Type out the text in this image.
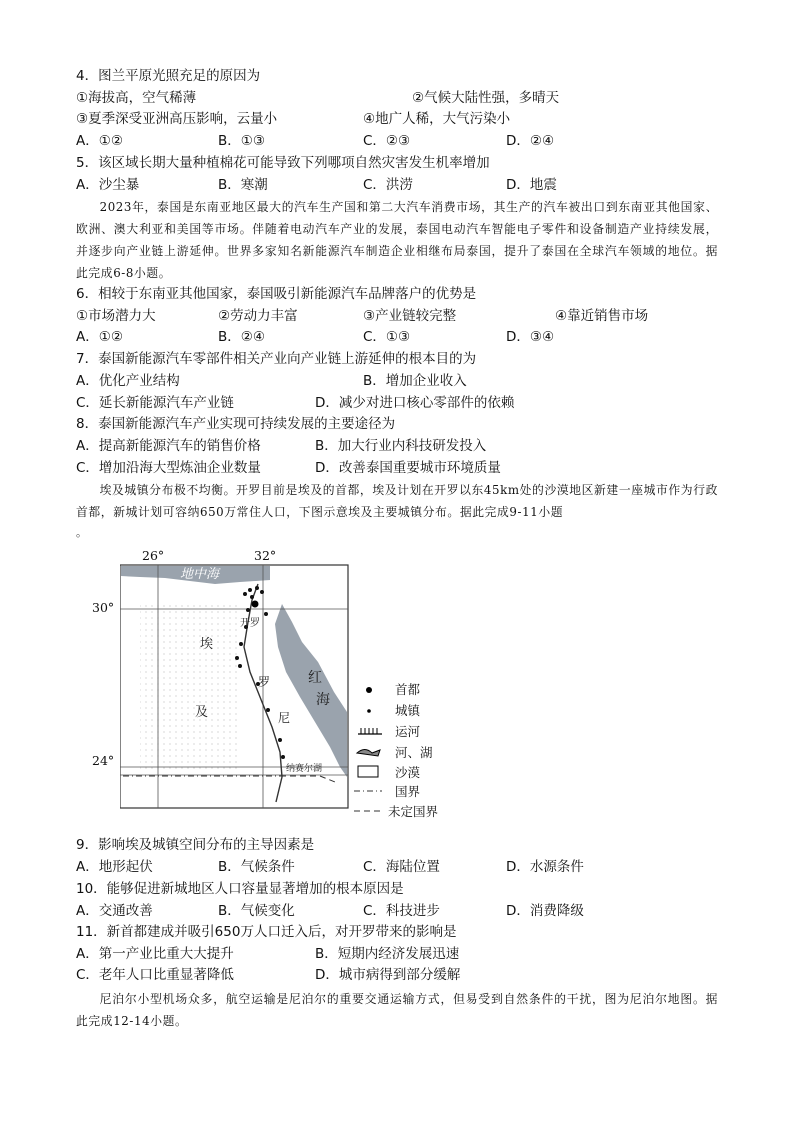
4．图兰平原光照充足的原因为
①海拔高，空气稀薄	②气候大陆性强，多晴天
③夏季深受亚洲高压影响，云量小	④地广人稀，大气污染小
A．①②	B．①③	C．②③	D．②④
5．该区域长期大量种植棉花可能导致下列哪项自然灾害发生机率增加
A．沙尘暴	B．寒潮	C．洪涝	D．地震

2023年，泰国是东南亚地区最大的汽车生产国和第二大汽车消费市场，其生产的汽车被出口到东南亚其他国家、欧洲、澳大利亚和美国等市场。伴随着电动汽车产业的发展，泰国电动汽车智能电子零件和设备制造产业持续发展，并逐步向产业链上游延伸。世界多家知名新能源汽车制造企业相继布局泰国，提升了泰国在全球汽车领域的地位。据此完成6-8小题。

6．相较于东南亚其他国家，泰国吸引新能源汽车品牌落户的优势是
①市场潜力大	②劳动力丰富	③产业链较完整	④靠近销售市场
A．①②	B．②④	C．①③	D．③④
7．泰国新能源汽车零部件相关产业向产业链上游延伸的根本目的为
A．优化产业结构	B．增加企业收入
C．延长新能源汽车产业链	D．减少对进口核心零部件的依赖
8．泰国新能源汽车产业实现可持续发展的主要途径为
A．提高新能源汽车的销售价格	B．加大行业内科技研发投入
C．增加沿海大型炼油企业数量	D．改善泰国重要城市环境质量

埃及城镇分布极不均衡。开罗目前是埃及的首都，埃及计划在开罗以东45km处的沙漠地区新建一座城市作为行政首都，新城计划可容纳650万常住人口，下图示意埃及主要城镇分布。据此完成9-11小题

。
地中海
埃
及
红
海
罗
尼
开罗
纳赛尔湖
26°	32°
30°
24°
首都
城镇
运河
河、湖
沙漠
国界
未定国界
9．影响埃及城镇空间分布的主导因素是
A．地形起伏	B．气候条件	C．海陆位置	D．水源条件
10．能够促进新城地区人口容量显著增加的根本原因是
A．交通改善	B．气候变化	C．科技进步	D．消费降级
11．新首都建成并吸引650万人口迁入后，对开罗带来的影响是
A．第一产业比重大大提升	B．短期内经济发展迅速
C．老年人口比重显著降低	D．城市病得到部分缓解

尼泊尔小型机场众多，航空运输是尼泊尔的重要交通运输方式，但易受到自然条件的干扰，图为尼泊尔地图。据此完成12-14小题。
